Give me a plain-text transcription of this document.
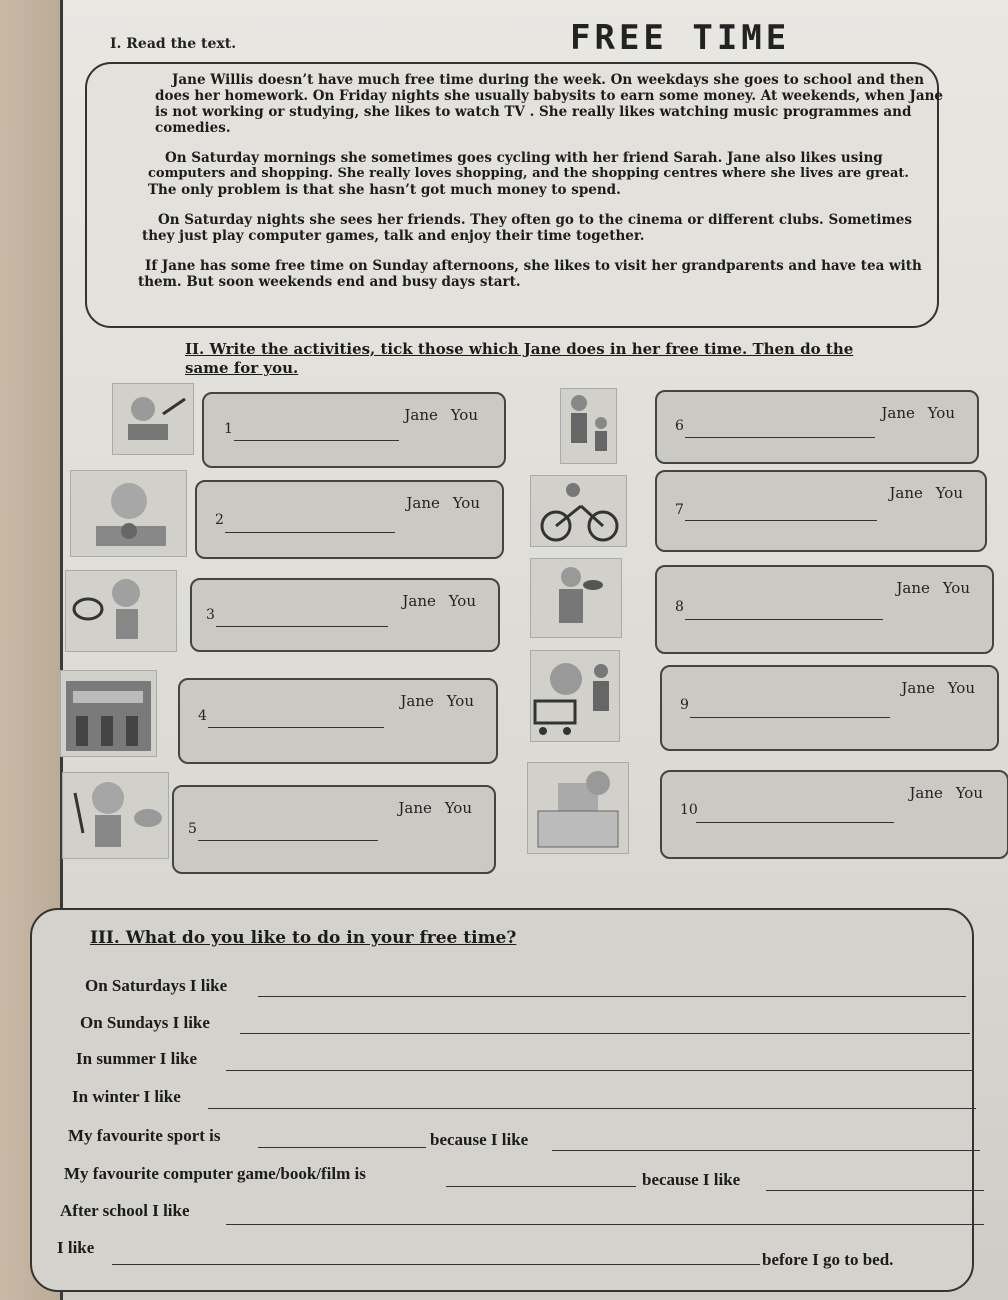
FREE TIME
I. Read the text.
Jane Willis doesn’t have much free time during the week. On weekdays she goes to school and then
does her homework. On Friday nights she usually babysits to earn some money. At weekends, when Jane
is not working or studying, she likes to watch TV . She really likes watching music programmes and
comedies.
On Saturday mornings she sometimes goes cycling with her friend Sarah. Jane also likes using
computers and shopping. She really loves shopping, and the shopping centres where she lives are great.
The only problem is that she hasn’t got much money to spend.
On Saturday nights she sees her friends. They often go to the cinema or different clubs. Sometimes
they just play computer games, talk and enjoy their time together.
If Jane has some free time on Sunday afternoons, she likes to visit her grandparents and have tea with
them. But soon weekends end and busy days start.
II. Write the activities, tick those which Jane does in her free time. Then do the same for you.
Jane You
1
Jane You
2
Jane You
3
Jane You
4
Jane You
5
Jane You
6
Jane You
7
Jane You
8
Jane You
9
Jane You
10
III. What do you like to do in your free time?
On Saturdays I like
On Sundays I like
In summer I like
In winter I like
My favourite sport is	because I like
My favourite computer game/book/film is	because I like
After school I like
I like
before I go to bed.
